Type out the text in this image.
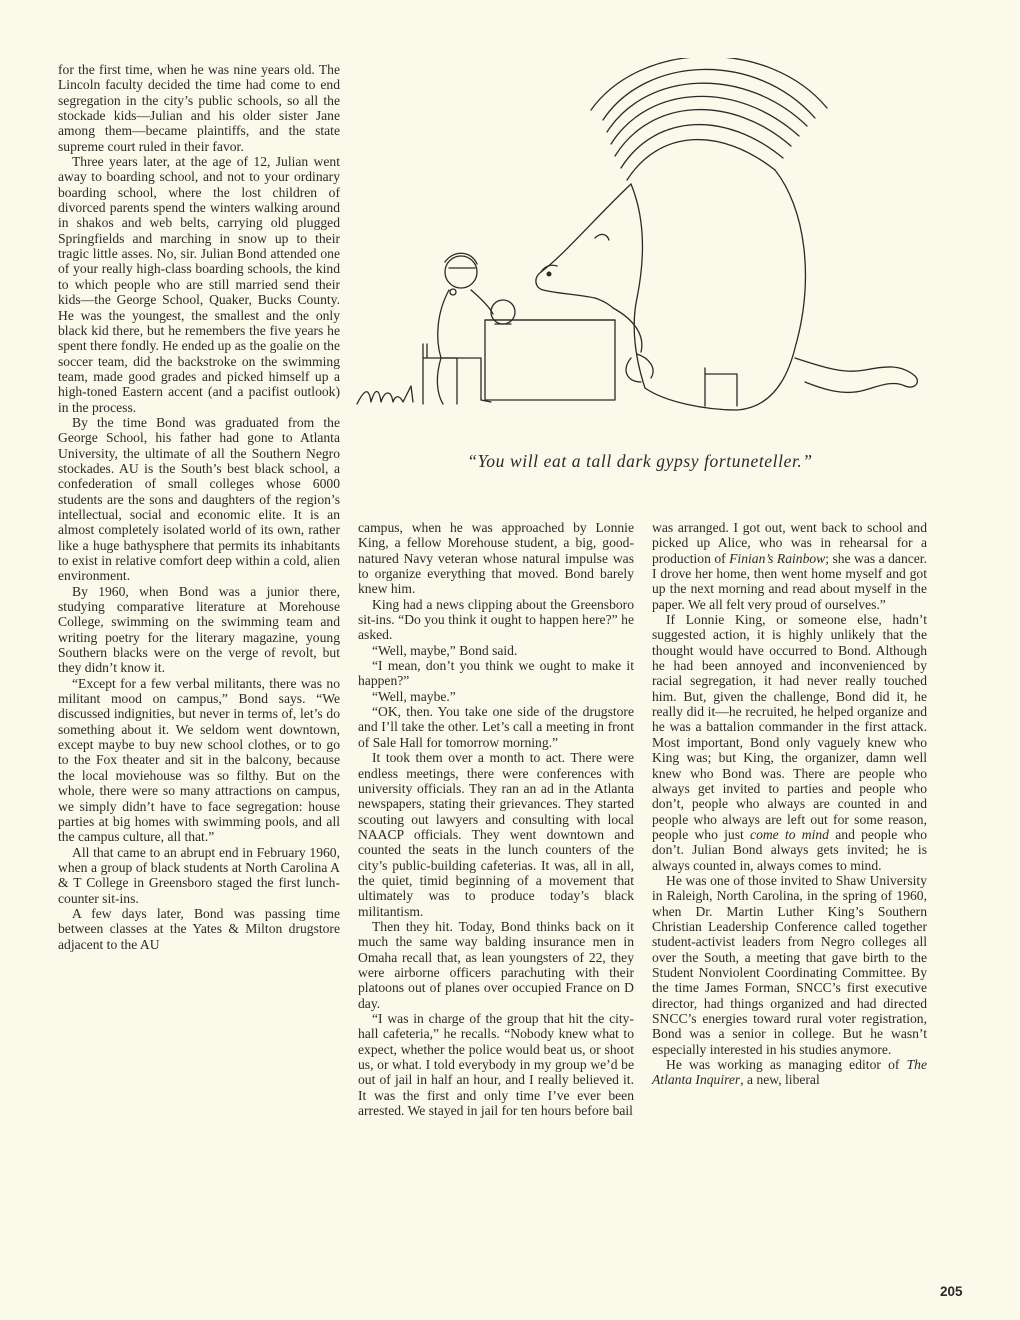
for the first time, when he was nine years old. The Lincoln faculty decided the time had come to end segregation in the city’s public schools, so all the stockade kids—Julian and his older sister Jane among them—became plaintiffs, and the state supreme court ruled in their favor.

Three years later, at the age of 12, Julian went away to boarding school, and not to your ordinary boarding school, where the lost children of divorced parents spend the winters walking around in shakos and web belts, carrying old plugged Springfields and marching in snow up to their tragic little asses. No, sir. Julian Bond attended one of your really high-class boarding schools, the kind to which people who are still married send their kids—the George School, Quaker, Bucks County. He was the youngest, the smallest and the only black kid there, but he remembers the five years he spent there fondly. He ended up as the goalie on the soccer team, did the backstroke on the swimming team, made good grades and picked himself up a high-toned Eastern accent (and a pacifist outlook) in the process.

By the time Bond was graduated from the George School, his father had gone to Atlanta University, the ultimate of all the Southern Negro stockades. AU is the South’s best black school, a confederation of small colleges whose 6000 students are the sons and daughters of the region’s intellectual, social and economic elite. It is an almost completely isolated world of its own, rather like a huge bathysphere that permits its inhabitants to exist in relative comfort deep within a cold, alien environment.

By 1960, when Bond was a junior there, studying comparative literature at Morehouse College, swimming on the swimming team and writing poetry for the literary magazine, young Southern blacks were on the verge of revolt, but they didn’t know it.

“Except for a few verbal militants, there was no militant mood on campus,” Bond says. “We discussed indignities, but never in terms of, let’s do something about it. We seldom went downtown, except maybe to buy new school clothes, or to go to the Fox theater and sit in the balcony, because the local moviehouse was so filthy. But on the whole, there were so many attractions on campus, we simply didn’t have to face segregation: house parties at big homes with swimming pools, and all the campus culture, all that.”

All that came to an abrupt end in February 1960, when a group of black students at North Carolina A & T College in Greensboro staged the first lunch-counter sit-ins.

A few days later, Bond was passing time between classes at the Yates & Milton drugstore adjacent to the AU

“You will eat a tall dark gypsy fortuneteller.”

campus, when he was approached by Lonnie King, a fellow Morehouse student, a big, good-natured Navy veteran whose natural impulse was to organize everything that moved. Bond barely knew him.

King had a news clipping about the Greensboro sit-ins. “Do you think it ought to happen here?” he asked.

“Well, maybe,” Bond said.

“I mean, don’t you think we ought to make it happen?”

“Well, maybe.”

“OK, then. You take one side of the drugstore and I’ll take the other. Let’s call a meeting in front of Sale Hall for tomorrow morning.”

It took them over a month to act. There were endless meetings, there were conferences with university officials. They ran an ad in the Atlanta newspapers, stating their grievances. They started scouting out lawyers and consulting with local NAACP officials. They went downtown and counted the seats in the lunch counters of the city’s public-building cafeterias. It was, all in all, the quiet, timid beginning of a movement that ultimately was to produce today’s black militantism.

Then they hit. Today, Bond thinks back on it much the same way balding insurance men in Omaha recall that, as lean youngsters of 22, they were airborne officers parachuting with their platoons out of planes over occupied France on D day.

“I was in charge of the group that hit the city-hall cafeteria,” he recalls. “Nobody knew what to expect, whether the police would beat us, or shoot us, or what. I told everybody in my group we’d be out of jail in half an hour, and I really believed it. It was the first and only time I’ve ever been arrested. We stayed in jail for ten hours before bail

was arranged. I got out, went back to school and picked up Alice, who was in rehearsal for a production of Finian’s Rainbow; she was a dancer. I drove her home, then went home myself and got up the next morning and read about myself in the paper. We all felt very proud of ourselves.”

If Lonnie King, or someone else, hadn’t suggested action, it is highly unlikely that the thought would have occurred to Bond. Although he had been annoyed and inconvenienced by racial segregation, it had never really touched him. But, given the challenge, Bond did it, he really did it—he recruited, he helped organize and he was a battalion commander in the first attack. Most important, Bond only vaguely knew who King was; but King, the organizer, damn well knew who Bond was. There are people who always get invited to parties and people who don’t, people who always are counted in and people who always are left out for some reason, people who just come to mind and people who don’t. Julian Bond always gets invited; he is always counted in, always comes to mind.

He was one of those invited to Shaw University in Raleigh, North Carolina, in the spring of 1960, when Dr. Martin Luther King’s Southern Christian Leadership Conference called together student-activist leaders from Negro colleges all over the South, a meeting that gave birth to the Student Nonviolent Coordinating Committee. By the time James Forman, SNCC’s first executive director, had things organized and had directed SNCC’s energies toward rural voter registration, Bond was a senior in college. But he wasn’t especially interested in his studies anymore.

He was working as managing editor of The Atlanta Inquirer, a new, liberal

205
